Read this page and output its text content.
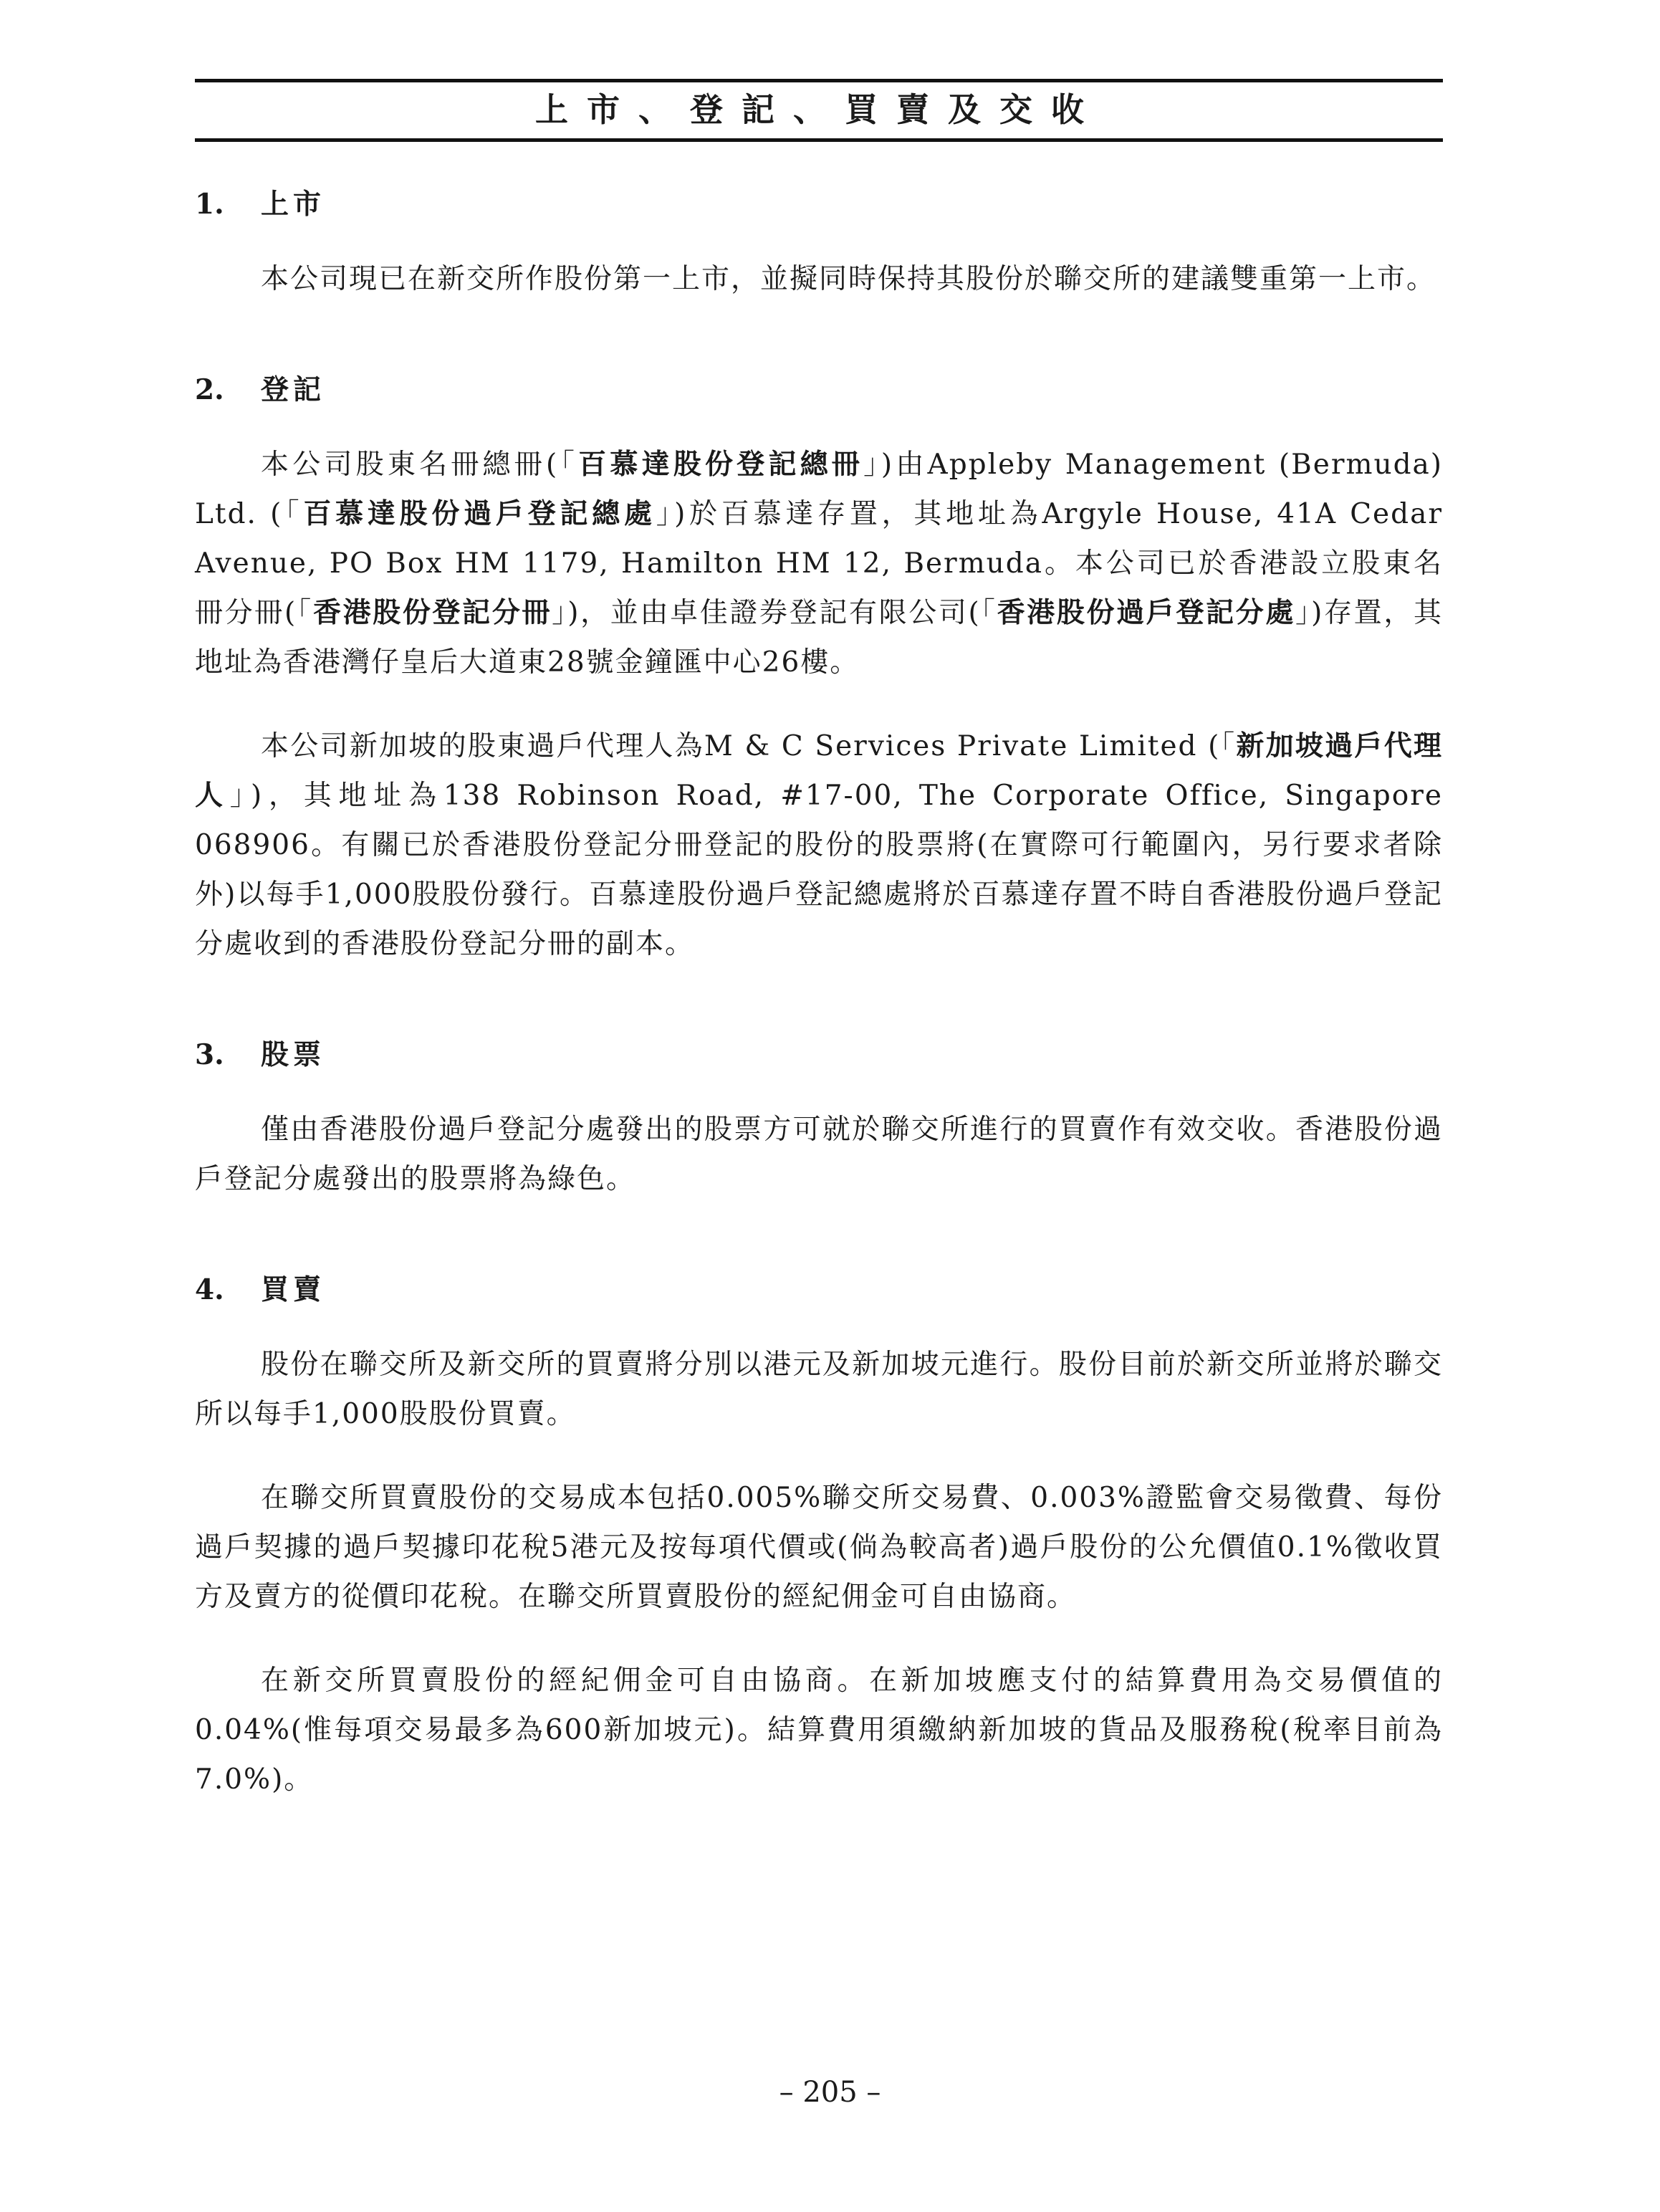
上市、登記、買賣及交收
1.	上市

本公司現已在新交所作股份第一上市，並擬同時保持其股份於聯交所的建議雙重第一上市。

2.	登記

本公司股東名冊總冊(「百慕達股份登記總冊」)由Appleby Management (Bermuda) Ltd. (「百慕達股份過戶登記總處」)於百慕達存置，其地址為Argyle House, 41A Cedar Avenue, PO Box HM 1179, Hamilton HM 12, Bermuda。本公司已於香港設立股東名冊分冊(「香港股份登記分冊」)，並由卓佳證券登記有限公司(「香港股份過戶登記分處」)存置，其地址為香港灣仔皇后大道東28號金鐘匯中心26樓。

本公司新加坡的股東過戶代理人為M & C Services Private Limited (「新加坡過戶代理人」)，其地址為138 Robinson Road, #17-00, The Corporate Office, Singapore 068906。有關已於香港股份登記分冊登記的股份的股票將(在實際可行範圍內，另行要求者除外)以每手1,000股股份發行。百慕達股份過戶登記總處將於百慕達存置不時自香港股份過戶登記分處收到的香港股份登記分冊的副本。

3.	股票

僅由香港股份過戶登記分處發出的股票方可就於聯交所進行的買賣作有效交收。香港股份過戶登記分處發出的股票將為綠色。

4.	買賣

股份在聯交所及新交所的買賣將分別以港元及新加坡元進行。股份目前於新交所並將於聯交所以每手1,000股股份買賣。

在聯交所買賣股份的交易成本包括0.005%聯交所交易費、0.003%證監會交易徵費、每份過戶契據的過戶契據印花稅5港元及按每項代價或(倘為較高者)過戶股份的公允價值0.1%徵收買方及賣方的從價印花稅。在聯交所買賣股份的經紀佣金可自由協商。

在新交所買賣股份的經紀佣金可自由協商。在新加坡應支付的結算費用為交易價值的0.04%(惟每項交易最多為600新加坡元)。結算費用須繳納新加坡的貨品及服務稅(稅率目前為7.0%)。

– 205 –
